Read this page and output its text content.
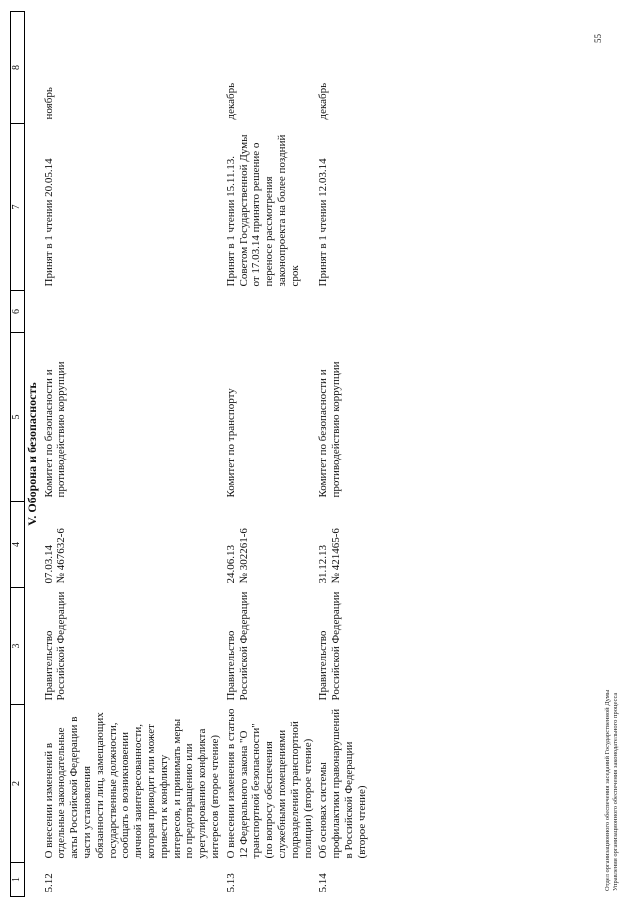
1	2	3	4	5	6	7	8
V. Оборона и безопасность							
5.12	О внесении изменений в отдельные законодательные акты Российской Федерации в части установления обязанности лиц, замещающих государственные должности, сообщать о возникновении личной заинтересованности, которая приводит или может привести к конфликту интересов, и принимать меры по предотвращению или урегулированию конфликта интересов (второе чтение)	Правительство Российской Федерации	07.03.14 № 467632-6	Комитет по безопасности и противодействию коррупции		Принят в 1 чтении 20.05.14	ноябрь
5.13	О внесении изменения в статью 12 Федерального закона "О транспортной безопасности" (по вопросу обеспечения служебными помещениями подразделений транспортной полиции) (второе чтение)	Правительство Российской Федерации	24.06.13 № 302261-6	Комитет по транспорту		Принят в 1 чтении 15.11.13. Советом Государственной Думы от 17.03.14 принято решение о переносе рассмотрения законопроекта на более поздний срок	декабрь
5.14	Об основах системы профилактики правонарушений в Российской Федерации (второе чтение)	Правительство Российской Федерации	31.12.13 № 421465-6	Комитет по безопасности и противодействию коррупции		Принят в 1 чтении 12.03.14	декабрь
Отдел организационного обеспечения заседаний Государственной Думы Управления организационного обеспечения законодательного процесса
55
